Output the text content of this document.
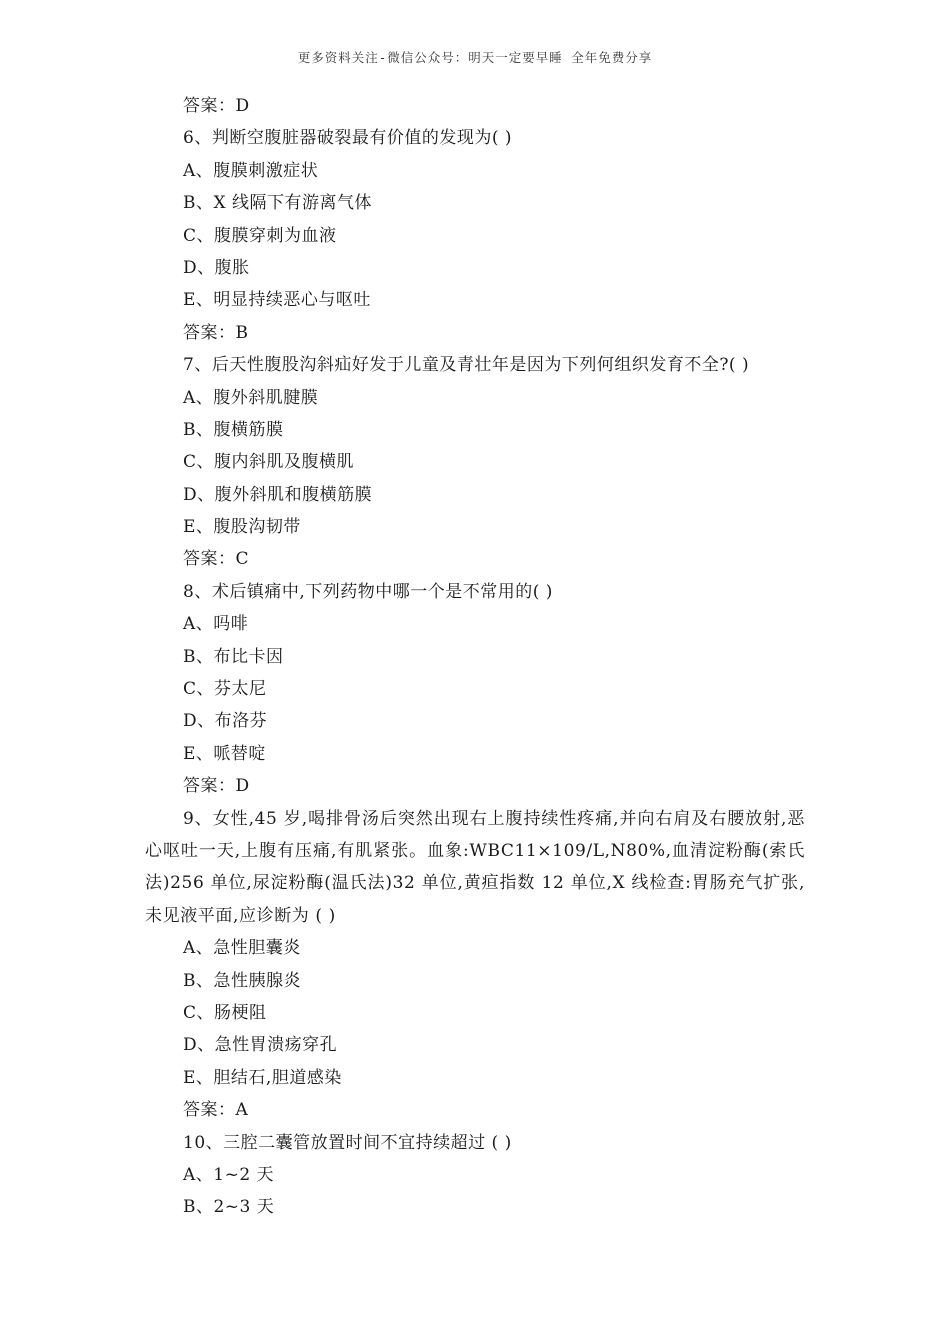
更多资料关注-微信公众号：明天一定要早睡 全年免费分享
答案：D
6、判断空腹脏器破裂最有价值的发现为( )
A、腹膜刺激症状
B、X 线隔下有游离气体
C、腹膜穿刺为血液
D、腹胀
E、明显持续恶心与呕吐
答案：B
7、后天性腹股沟斜疝好发于儿童及青壮年是因为下列何组织发育不全?( )
A、腹外斜肌腱膜
B、腹横筋膜
C、腹内斜肌及腹横肌
D、腹外斜肌和腹横筋膜
E、腹股沟韧带
答案：C
8、术后镇痛中,下列药物中哪一个是不常用的( )
A、吗啡
B、布比卡因
C、芬太尼
D、布洛芬
E、哌替啶
答案：D

9、女性,45 岁,喝排骨汤后突然出现右上腹持续性疼痛,并向右肩及右腰放射,恶心呕吐一天,上腹有压痛,有肌紧张。血象:WBC11×109/L,N80%,血清淀粉酶(索氏法)256 单位,尿淀粉酶(温氏法)32 单位,黄疸指数 12 单位,X 线检查:胃肠充气扩张,未见液平面,应诊断为 ( )

A、急性胆囊炎
B、急性胰腺炎
C、肠梗阻
D、急性胃溃疡穿孔
E、胆结石,胆道感染
答案：A
10、三腔二囊管放置时间不宜持续超过 ( )
A、1~2 天
B、2~3 天
